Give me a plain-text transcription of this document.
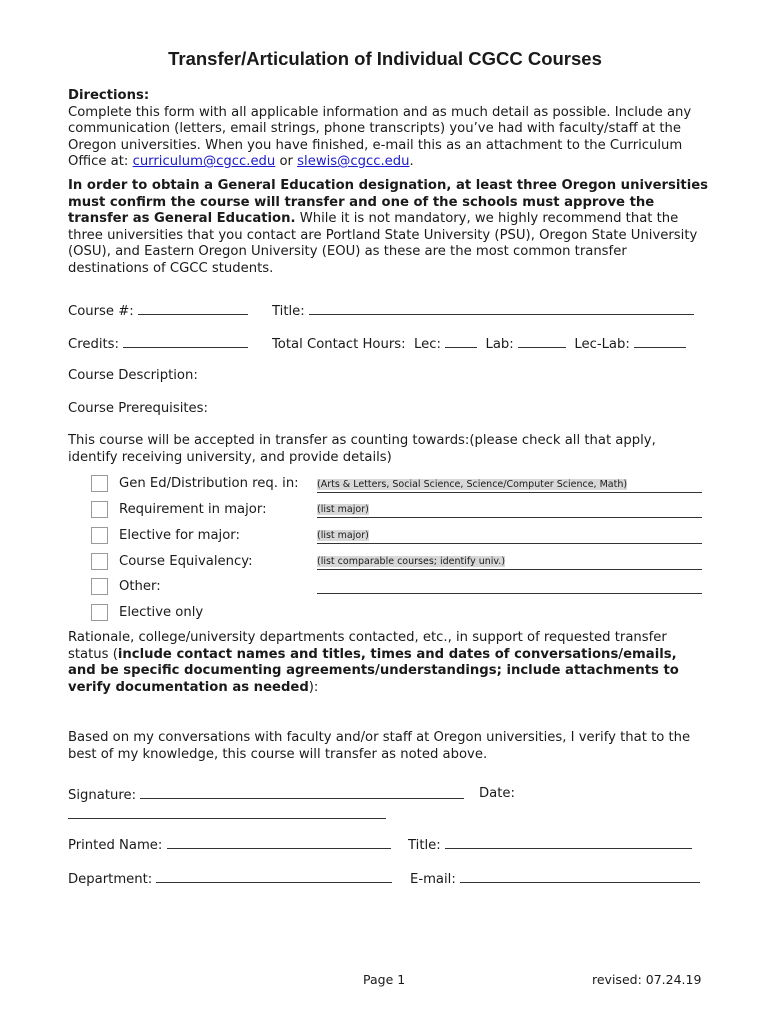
Transfer/Articulation of Individual CGCC Courses
Directions:
Complete this form with all applicable information and as much detail as possible. Include any communication (letters, email strings, phone transcripts) you’ve had with faculty/staff at the Oregon universities. When you have finished, e-mail this as an attachment to the Curriculum Office at: curriculum@cgcc.edu or slewis@cgcc.edu.
In order to obtain a General Education designation, at least three Oregon universities must confirm the course will transfer and one of the schools must approve the transfer as General Education. While it is not mandatory, we highly recommend that the three universities that you contact are Portland State University (PSU), Oregon State University (OSU), and Eastern Oregon University (EOU) as these are the most common transfer destinations of CGCC students.
Course #:	Title:
Credits:	Total Contact Hours: Lec:	Lab:	Lec-Lab:
Course Description:
Course Prerequisites:
This course will be accepted in transfer as counting towards:(please check all that apply, identify receiving university, and provide details)
Gen Ed/Distribution req. in: (Arts & Letters, Social Science, Science/Computer Science, Math)
Requirement in major:	(list major)
Elective for major:	(list major)
Course Equivalency:	(list comparable courses; identify univ.)
Other:
Elective only
Rationale, college/university departments contacted, etc., in support of requested transfer status (include contact names and titles, times and dates of conversations/emails, and be specific documenting agreements/understandings; include attachments to verify documentation as needed):
Based on my conversations with faculty and/or staff at Oregon universities, I verify that to the best of my knowledge, this course will transfer as noted above.
Signature:	Date:
Printed Name:	Title:
Department:	E-mail:
Page 1	revised: 07.24.19
